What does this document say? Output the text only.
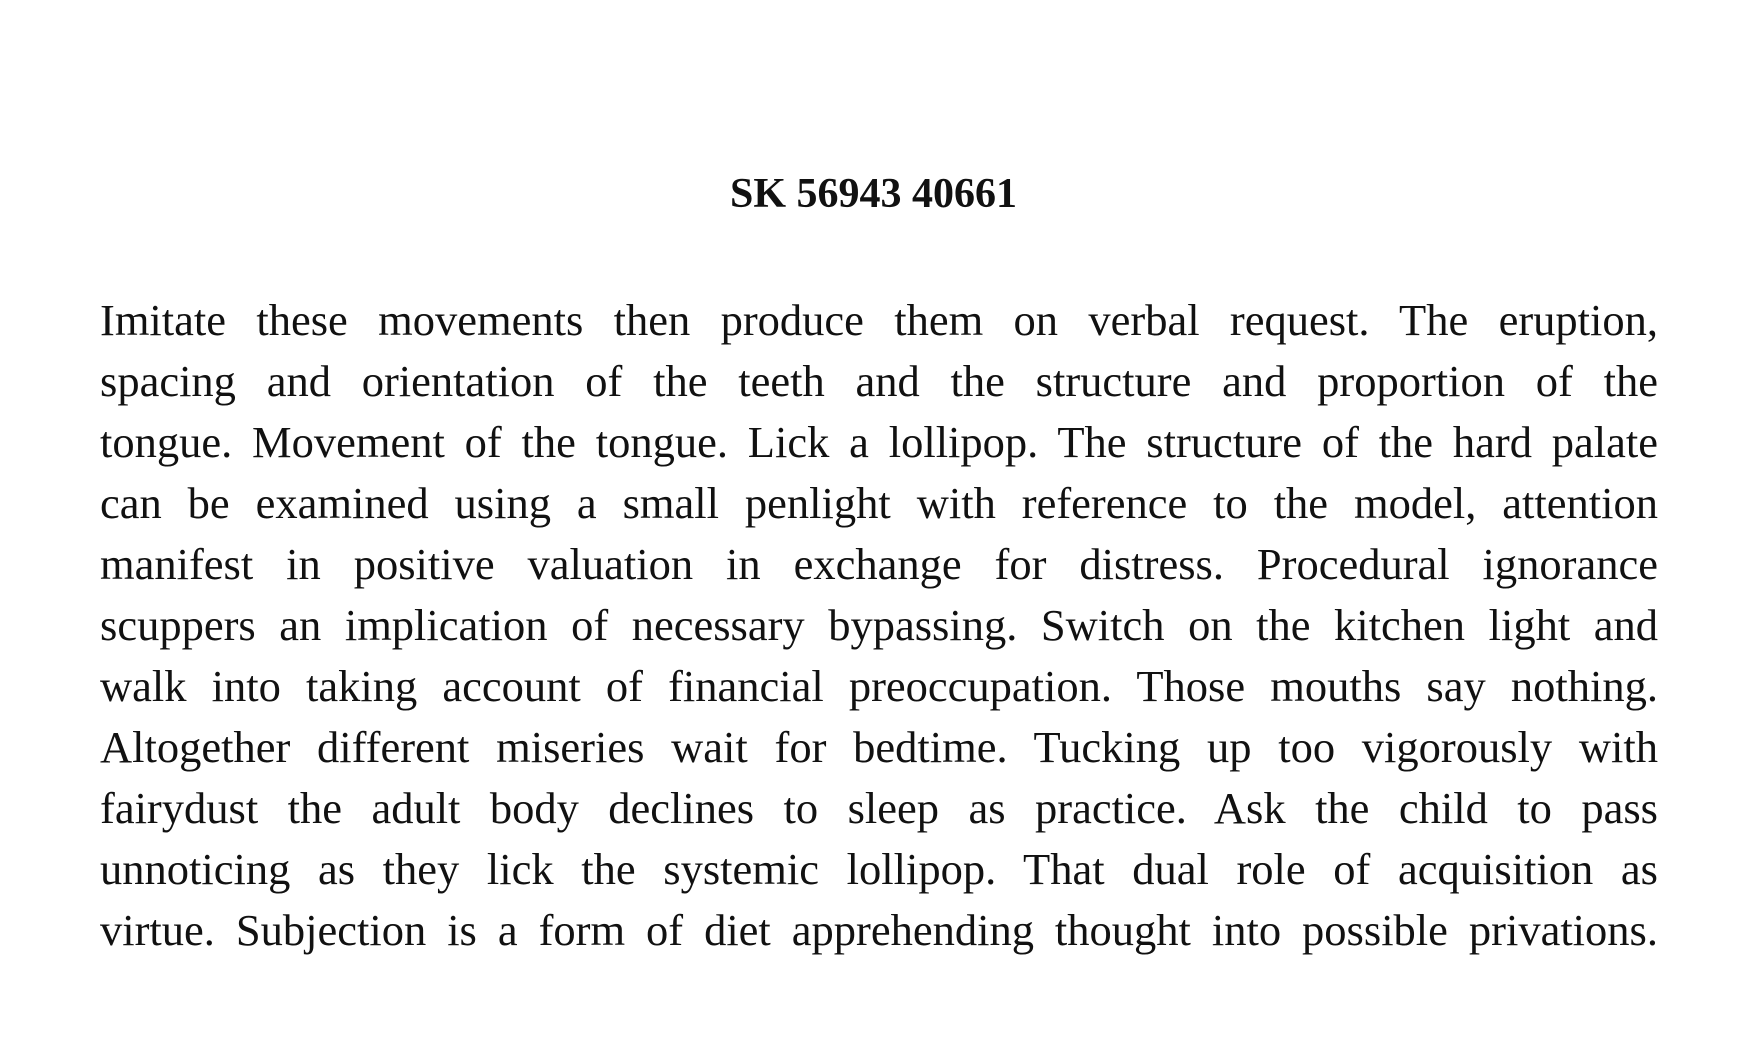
SK 56943 40661
Imitate these movements then produce them on verbal request. The eruption,
spacing and orientation of the teeth and the structure and proportion of the
tongue. Movement of the tongue. Lick a lollipop. The structure of the hard palate
can be examined using a small penlight with reference to the model, attention
manifest in positive valuation in exchange for distress. Procedural ignorance
scuppers an implication of necessary bypassing. Switch on the kitchen light and
walk into taking account of financial preoccupation. Those mouths say nothing.
Altogether different miseries wait for bedtime. Tucking up too vigorously with
fairydust the adult body declines to sleep as practice. Ask the child to pass
unnoticing as they lick the systemic lollipop. That dual role of acquisition as
virtue. Subjection is a form of diet apprehending thought into possible privations.
